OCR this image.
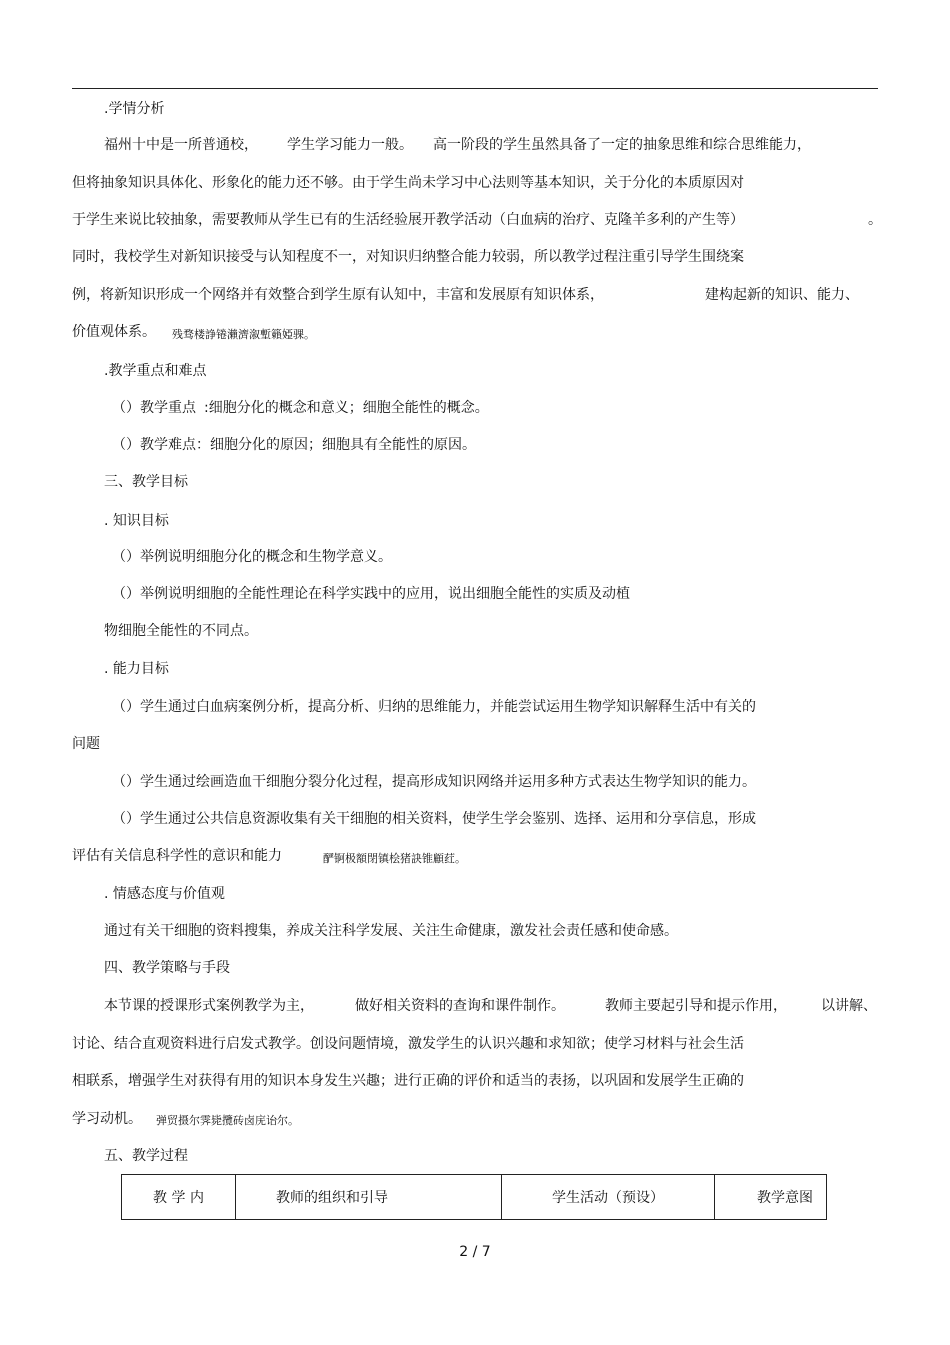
.学情分析
福州十中是一所普通校， 学生学习能力一般。 高一阶段的学生虽然具备了一定的抽象思维和综合思维能力，
但将抽象知识具体化、形象化的能力还不够。由于学生尚未学习中心法则等基本知识，关于分化的本质原因对
于学生来说比较抽象，需要教师从学生已有的生活经验展开教学活动（白血病的治疗、克隆羊多利的产生等）	。
同时，我校学生对新知识接受与认知程度不一，对知识归纳整合能力较弱，所以教学过程注重引导学生围绕案
例，将新知识形成一个网络并有效整合到学生原有认知中，丰富和发展原有知识体系，	建构起新的知识、能力、
价值观体系。 残骛楼諍锩瀨濟溆塹籟婭骒。
.教学重点和难点
（）教学重点 :细胞分化的概念和意义；细胞全能性的概念。
（）教学难点：细胞分化的原因；细胞具有全能性的原因。
三、教学目标
. 知识目标
（）举例说明细胞分化的概念和生物学意义。
（）举例说明细胞的全能性理论在科学实践中的应用，说出细胞全能性的实质及动植
物细胞全能性的不同点。
. 能力目标
（）学生通过白血病案例分析，提高分析、归纳的思维能力，并能尝试运用生物学知识解释生活中有关的
问题
（）学生通过绘画造血干细胞分裂分化过程，提高形成知识网络并运用多种方式表达生物学知识的能力。
（）学生通过公共信息资源收集有关干细胞的相关资料，使学生学会鉴别、选择、运用和分享信息，形成
评估有关信息科学性的意识和能力	酽锕极額閉镇桧猪訣锥顧荭。
. 情感态度与价值观
通过有关干细胞的资料搜集，养成关注科学发展、关注生命健康，激发社会责任感和使命感。
四、教学策略与手段
本节课的授课形式案例教学为主，	做好相关资料的查询和课件制作。	教师主要起引导和提示作用， 以讲解、
讨论、结合直观资料进行启发式教学。创设问题情境，激发学生的认识兴趣和求知欲；使学习材料与社会生活
相联系，增强学生对获得有用的知识本身发生兴趣；进行正确的评价和适当的表扬，以巩固和发展学生正确的
学习动机。 弹贸摄尔霁毙攬砖卤庑诒尔。
五、教学过程
教 学 内	教师的组织和引导	学生活动（预设）	教学意图
2 / 7
